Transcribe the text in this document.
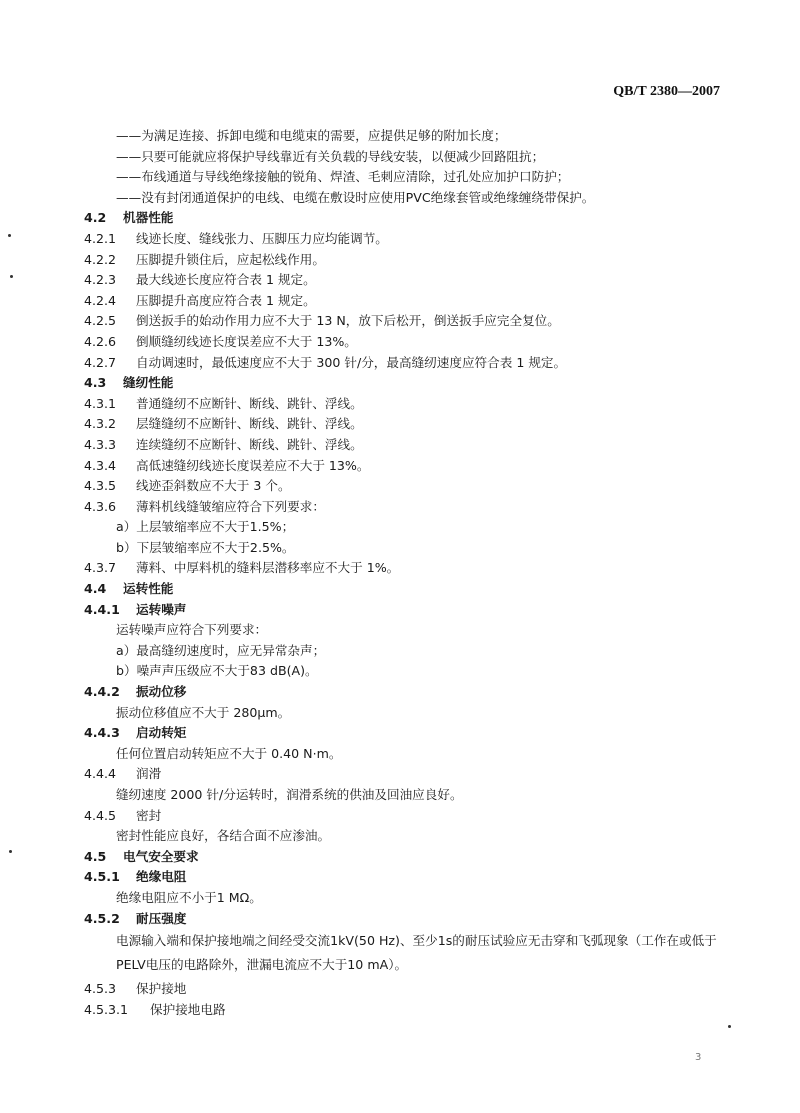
QB/T 2380—2007
——为满足连接、拆卸电缆和电缆束的需要，应提供足够的附加长度；
——只要可能就应将保护导线靠近有关负载的导线安装，以便减少回路阻抗；
——布线通道与导线绝缘接触的锐角、焊渣、毛刺应清除，过孔处应加护口防护；
——没有封闭通道保护的电线、电缆在敷设时应使用PVC绝缘套管或绝缘缠绕带保护。
4.2 机器性能
4.2.1 线迹长度、缝线张力、压脚压力应均能调节。
4.2.2 压脚提升锁住后，应起松线作用。
4.2.3 最大线迹长度应符合表 1 规定。
4.2.4 压脚提升高度应符合表 1 规定。
4.2.5 倒送扳手的始动作用力应不大于 13 N，放下后松开，倒送扳手应完全复位。
4.2.6 倒顺缝纫线迹长度误差应不大于 13%。
4.2.7 自动调速时，最低速度应不大于 300 针/分，最高缝纫速度应符合表 1 规定。
4.3 缝纫性能
4.3.1 普通缝纫不应断针、断线、跳针、浮线。
4.3.2 层缝缝纫不应断针、断线、跳针、浮线。
4.3.3 连续缝纫不应断针、断线、跳针、浮线。
4.3.4 高低速缝纫线迹长度误差应不大于 13%。
4.3.5 线迹歪斜数应不大于 3 个。
4.3.6 薄料机线缝皱缩应符合下列要求：
a）上层皱缩率应不大于1.5%；
b）下层皱缩率应不大于2.5%。
4.3.7 薄料、中厚料机的缝料层潜移率应不大于 1%。
4.4 运转性能
4.4.1 运转噪声
运转噪声应符合下列要求：
a）最高缝纫速度时，应无异常杂声；
b）噪声声压级应不大于83 dB(A)。
4.4.2 振动位移
振动位移值应不大于 280μm。
4.4.3 启动转矩
任何位置启动转矩应不大于 0.40 N·m。
4.4.4 润滑
缝纫速度 2000 针/分运转时，润滑系统的供油及回油应良好。
4.4.5 密封
密封性能应良好，各结合面不应渗油。
4.5 电气安全要求
4.5.1 绝缘电阻
绝缘电阻应不小于1 MΩ。
4.5.2 耐压强度
电源输入端和保护接地端之间经受交流1kV(50 Hz)、至少1s的耐压试验应无击穿和飞弧现象（工作在或低于PELV电压的电路除外，泄漏电流应不大于10 mA）。
4.5.3 保护接地
4.5.3.1 保护接地电路
3
